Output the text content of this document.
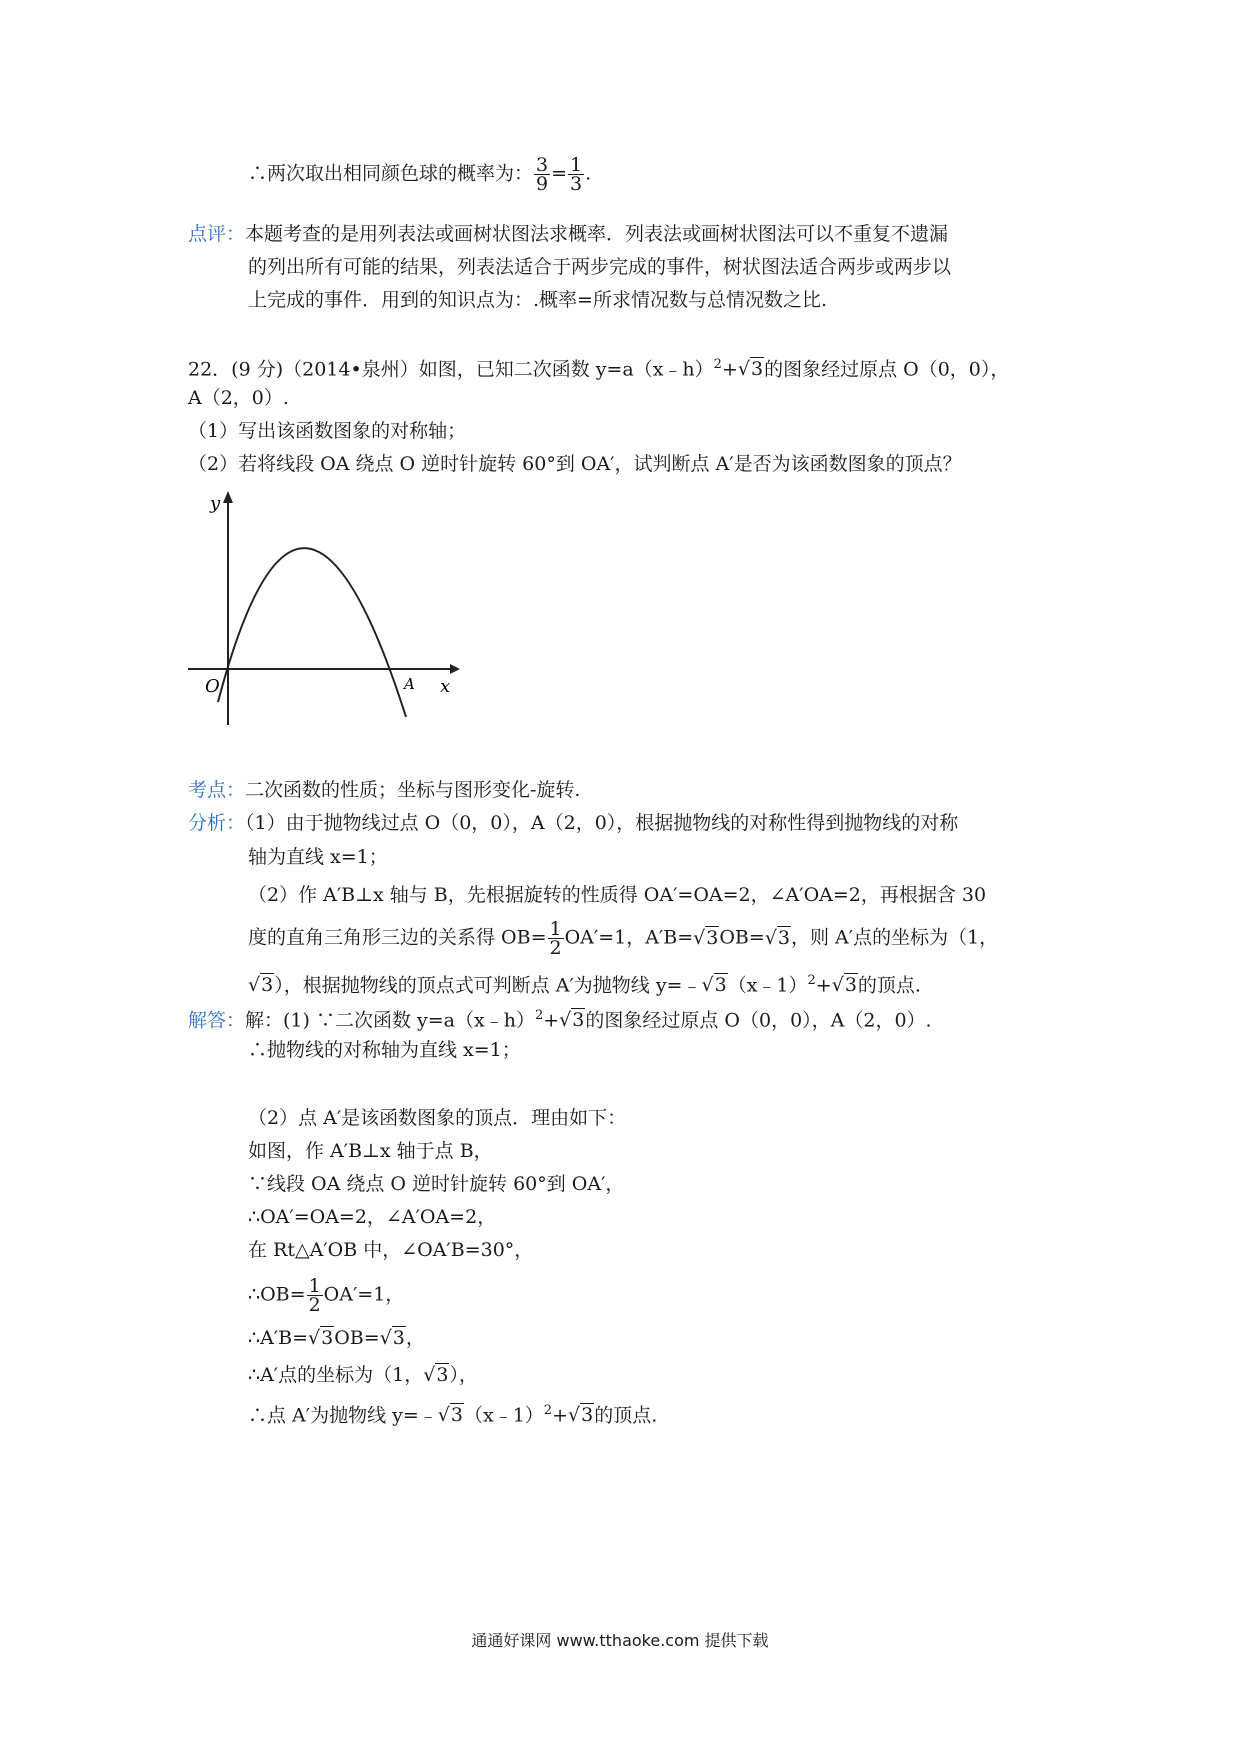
∴两次取出相同颜色球的概率为： $\frac{3}{9} = \frac{1}{3}$ .
点评：本题考查的是用列表法或画树状图法求概率．列表法或画树状图法可以不重复不遗漏
的列出所有可能的结果，列表法适合于两步完成的事件，树状图法适合两步或两步以
上完成的事件．用到的知识点为：.概率=所求情况数与总情况数之比.
22．(9 分)（2014•泉州）如图，已知二次函数 y=a（x﹣h）$^2$+√3的图象经过原点 O（0，0），
A（2，0）.
（1）写出该函数图象的对称轴；
（2）若将线段 OA 绕点 O 逆时针旋转 60°到 OA′，试判断点 A′是否为该函数图象的顶点？
y
x
O	A
考点：二次函数的性质；坐标与图形变化-旋转.
分析：（1）由于抛物线过点 O（0，0），A（2，0），根据抛物线的对称性得到抛物线的对称
轴为直线 x=1；
（2）作 A′B⊥x 轴与 B，先根据旋转的性质得 OA′=OA=2，∠A′OA=2，再根据含 30
度的直角三角形三边的关系得 $OB= \frac{1}{2} OA'=1$，A′B=√3OB=√3，则 A′点的坐标为（1，
√3），根据抛物线的顶点式可判断点 A′为抛物线 y=﹣√3（x﹣1）$^2$+√3的顶点.
解答：解：(1) ∵二次函数 y=a（x﹣h）$^2$+√3的图象经过原点 O（0，0），A（2，0）.
∴抛物线的对称轴为直线 x=1；
（2）点 A′是该函数图象的顶点．理由如下：
如图，作 A′B⊥x 轴于点 B，
∵线段 OA 绕点 O 逆时针旋转 60°到 OA′，
∴OA′=OA=2，∠A′OA=2，
在 Rt△A′OB 中，∠OA′B=30°，
∴OB= $\frac{1}{2} OA'=1$，
∴A′B=√3OB=√3，
∴A′点的坐标为（1，√3），
∴点 A′为抛物线 y=﹣√3（x﹣1）$^2$+√3的顶点.
通通好课网 www.tthaoke.com 提供下载
